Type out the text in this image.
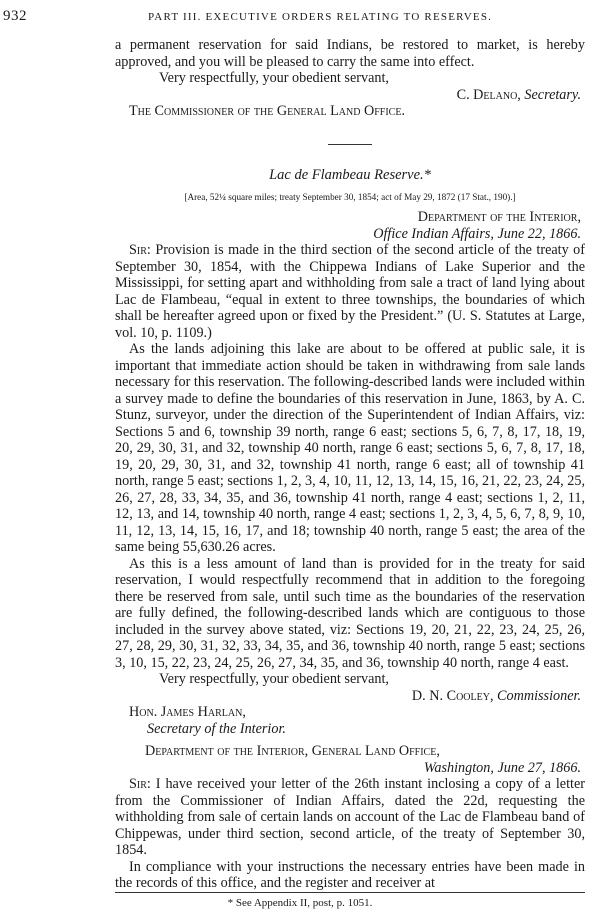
932	PART III. EXECUTIVE ORDERS RELATING TO RESERVES.

a permanent reservation for said Indians, be restored to market, is hereby approved, and you will be pleased to carry the same into effect.

Very respectfully, your obedient servant,

C. Delano, Secretary.

The Commissioner of the General Land Office.

Lac de Flambeau Reserve.*

[Area, 52¼ square miles; treaty September 30, 1854; act of May 29, 1872 (17 Stat., 190).]

Department of the Interior,

Office Indian Affairs, June 22, 1866.

Sir: Provision is made in the third section of the second article of the treaty of September 30, 1854, with the Chippewa Indians of Lake Superior and the Mississippi, for setting apart and withholding from sale a tract of land lying about Lac de Flambeau, “equal in extent to three townships, the boundaries of which shall be hereafter agreed upon or fixed by the President.” (U. S. Statutes at Large, vol. 10, p. 1109.)

As the lands adjoining this lake are about to be offered at public sale, it is important that immediate action should be taken in withdrawing from sale lands necessary for this reservation. The following-described lands were included within a survey made to define the boundaries of this reservation in June, 1863, by A. C. Stunz, surveyor, under the direction of the Superintendent of Indian Affairs, viz: Sections 5 and 6, township 39 north, range 6 east; sections 5, 6, 7, 8, 17, 18, 19, 20, 29, 30, 31, and 32, township 40 north, range 6 east; sections 5, 6, 7, 8, 17, 18, 19, 20, 29, 30, 31, and 32, township 41 north, range 6 east; all of township 41 north, range 5 east; sections 1, 2, 3, 4, 10, 11, 12, 13, 14, 15, 16, 21, 22, 23, 24, 25, 26, 27, 28, 33, 34, 35, and 36, township 41 north, range 4 east; sections 1, 2, 11, 12, 13, and 14, township 40 north, range 4 east; sections 1, 2, 3, 4, 5, 6, 7, 8, 9, 10, 11, 12, 13, 14, 15, 16, 17, and 18; township 40 north, range 5 east; the area of the same being 55,630.26 acres.

As this is a less amount of land than is provided for in the treaty for said reservation, I would respectfully recommend that in addition to the foregoing there be reserved from sale, until such time as the boundaries of the reservation are fully defined, the following-described lands which are contiguous to those included in the survey above stated, viz: Sections 19, 20, 21, 22, 23, 24, 25, 26, 27, 28, 29, 30, 31, 32, 33, 34, 35, and 36, township 40 north, range 5 east; sections 3, 10, 15, 22, 23, 24, 25, 26, 27, 34, 35, and 36, township 40 north, range 4 east.

Very respectfully, your obedient servant,

D. N. Cooley, Commissioner.

Hon. James Harlan,

Secretary of the Interior.

Department of the Interior, General Land Office,

Washington, June 27, 1866.

Sir: I have received your letter of the 26th instant inclosing a copy of a letter from the Commissioner of Indian Affairs, dated the 22d, requesting the withholding from sale of certain lands on account of the Lac de Flambeau band of Chippewas, under third section, second article, of the treaty of September 30, 1854.

In compliance with your instructions the necessary entries have been made in the records of this office, and the register and receiver at

* See Appendix II, post, p. 1051.
